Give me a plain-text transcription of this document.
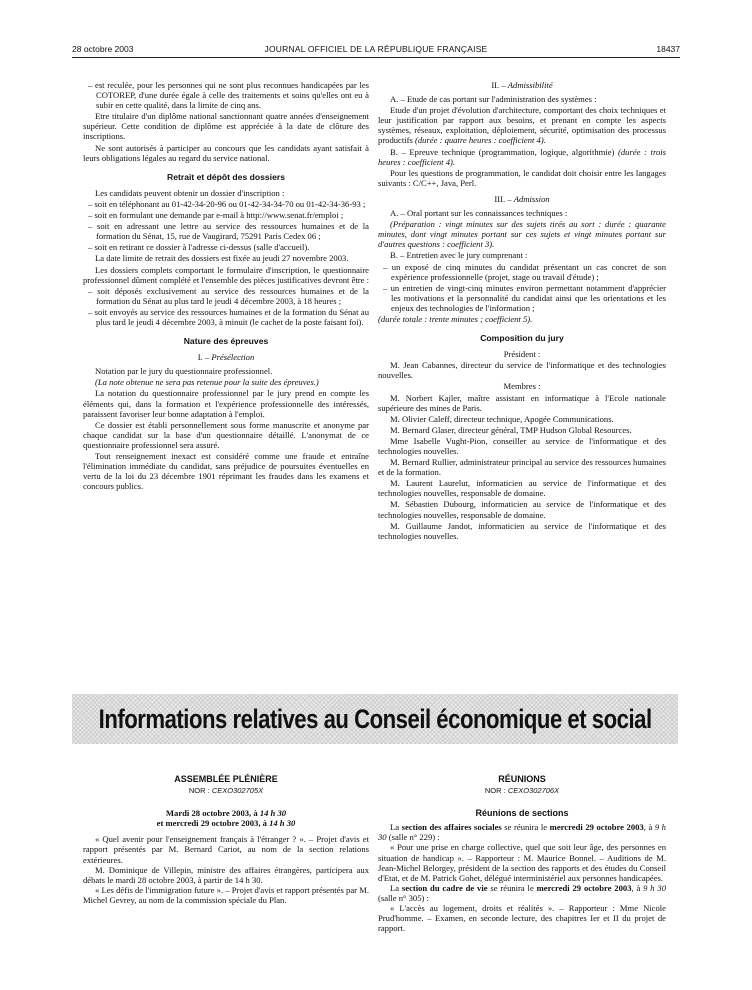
28 octobre 2003	JOURNAL OFFICIEL DE LA RÉPUBLIQUE FRANÇAISE	18437

– est reculée, pour les personnes qui ne sont plus reconnues handicapées par les COTOREP, d'une durée égale à celle des traitements et soins qu'elles ont eu à subir en cette qualité, dans la limite de cinq ans.

Etre titulaire d'un diplôme national sanctionnant quatre années d'enseignement supérieur. Cette condition de diplôme est appréciée à la date de clôture des inscriptions.

Ne sont autorisés à participer au concours que les candidats ayant satisfait à leurs obligations légales au regard du service national.

Retrait et dépôt des dossiers

Les candidats peuvent obtenir un dossier d'inscription :

– soit en téléphonant au 01-42-34-20-96 ou 01-42-34-34-70 ou 01-42-34-36-93 ;

– soit en formulant une demande par e-mail à http://www.senat.fr/emploi ;

– soit en adressant une lettre au service des ressources humaines et de la formation du Sénat, 15, rue de Vaugirard, 75291 Paris Cedex 06 ;

– soit en retirant ce dossier à l'adresse ci-dessus (salle d'accueil).

La date limite de retrait des dossiers est fixée au jeudi 27 novembre 2003.

Les dossiers complets comportant le formulaire d'inscription, le questionnaire professionnel dûment complété et l'ensemble des pièces justificatives devront être :

– soit déposés exclusivement au service des ressources humaines et de la formation du Sénat au plus tard le jeudi 4 décembre 2003, à 18 heures ;

– soit envoyés au service des ressources humaines et de la formation du Sénat au plus tard le jeudi 4 décembre 2003, à minuit (le cachet de la poste faisant foi).

Nature des épreuves
I. – Présélection

Notation par le jury du questionnaire professionnel.

(La note obtenue ne sera pas retenue pour la suite des épreuves.)

La notation du questionnaire professionnel par le jury prend en compte les éléments qui, dans la formation et l'expérience professionnelle des intéressés, paraissent favoriser leur bonne adaptation à l'emploi.

Ce dossier est établi personnellement sous forme manuscrite et anonyme par chaque candidat sur la base d'un questionnaire détaillé. L'anonymat de ce questionnaire professionnel sera assuré.

Tout renseignement inexact est considéré comme une fraude et entraîne l'élimination immédiate du candidat, sans préjudice de poursuites éventuelles en vertu de la loi du 23 décembre 1901 réprimant les fraudes dans les examens et concours publics.

II. – Admissibilité

A. – Etude de cas portant sur l'administration des systèmes :

Etude d'un projet d'évolution d'architecture, comportant des choix techniques et leur justification par rapport aux besoins, et prenant en compte les aspects systèmes, réseaux, exploitation, déploiement, sécurité, optimisation des processus productifs (durée : quatre heures : coefficient 4).

B. – Epreuve technique (programmation, logique, algorithmie) (durée : trois heures : coefficient 4).

Pour les questions de programmation, le candidat doit choisir entre les langages suivants : C/C++, Java, Perl.

III. – Admission

A. – Oral portant sur les connaissances techniques :

(Préparation : vingt minutes sur des sujets tirés au sort : durée : quarante minutes, dont vingt minutes portant sur ces sujets et vingt minutes portant sur d'autres questions : coefficient 3).

B. – Entretien avec le jury comprenant :

– un exposé de cinq minutes du candidat présentant un cas concret de son expérience professionnelle (projet, stage ou travail d'étude) ;

– un entretien de vingt-cinq minutes environ permettant notamment d'apprécier les motivations et la personnalité du candidat ainsi que les orientations et les enjeux des technologies de l'information ;

(durée totale : trente minutes ; coefficient 5).

Composition du jury

Président :

M. Jean Cabannes, directeur du service de l'informatique et des technologies nouvelles.

Membres :

M. Norbert Kajler, maître assistant en informatique à l'Ecole nationale supérieure des mines de Paris.

M. Olivier Caleff, directeur technique, Apogée Communications.

M. Bernard Glaser, directeur général, TMP Hudson Global Resources.

Mme Isabelle Vught-Pion, conseiller au service de l'informatique et des technologies nouvelles.

M. Bernard Rullier, administrateur principal au service des ressources humaines et de la formation.

M. Laurent Laurelut, informaticien au service de l'informatique et des technologies nouvelles, responsable de domaine.

M. Sébastien Dubourg, informaticien au service de l'informatique et des technologies nouvelles, responsable de domaine.

M. Guillaume Jandot, informaticien au service de l'informatique et des technologies nouvelles.

Informations relatives au Conseil économique et social
ASSEMBLÉE PLÉNIÈRE
NOR : CEXO302705X
Mardi 28 octobre 2003, à 14 h 30
et mercredi 29 octobre 2003, à 14 h 30

« Quel avenir pour l'enseignement français à l'étranger ? ». – Projet d'avis et rapport présentés par M. Bernard Cariot, au nom de la section relations extérieures.

M. Dominique de Villepin, ministre des affaires étrangères, participera aux débats le mardi 28 octobre 2003, à partir de 14 h 30.

« Les défis de l'immigration future ». – Projet d'avis et rapport présentés par M. Michel Gevrey, au nom de la commission spéciale du Plan.

RÉUNIONS
NOR : CEXO302706X
Réunions de sections

La section des affaires sociales se réunira le mercredi 29 octobre 2003, à 9 h 30 (salle n° 229) :

« Pour une prise en charge collective, quel que soit leur âge, des personnes en situation de handicap ». – Rapporteur : M. Maurice Bonnel. – Auditions de M. Jean-Michel Belorgey, président de la section des rapports et des études du Conseil d'Etat, et de M. Patrick Gohet, délégué interministériel aux personnes handicapées.

La section du cadre de vie se réunira le mercredi 29 octobre 2003, à 9 h 30 (salle n° 305) :

« L'accès au logement, droits et réalités ». – Rapporteur : Mme Nicole Prud'homme. – Examen, en seconde lecture, des chapitres Ier et II du projet de rapport.
